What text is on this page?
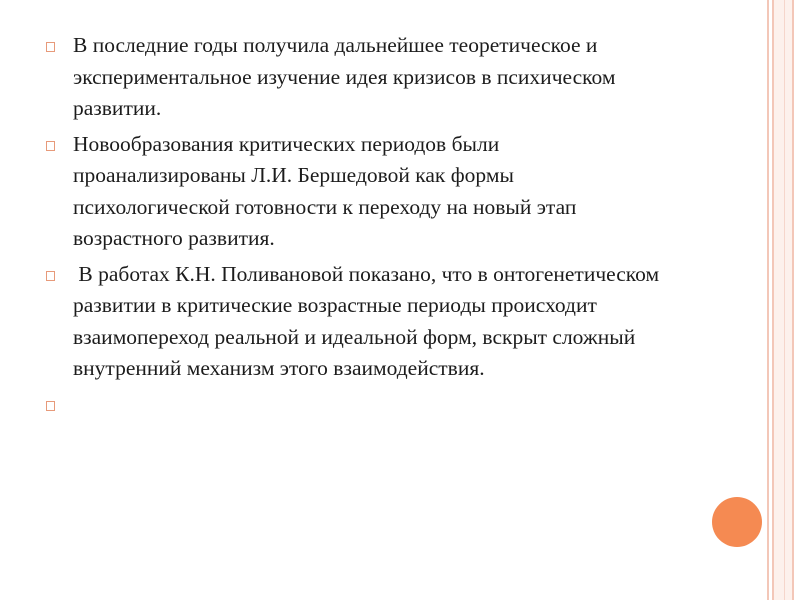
В последние годы получила дальнейшее теоретическое и экспериментальное изучение идея кризисов в психическом развитии.
Новообразования критических периодов были проанализированы Л.И. Бершедовой как формы психологической готовности к переходу на новый этап возрастного развития.
В работах К.Н. Поливановой показано, что в онтогенетическом развитии в критические возрастные периоды происходит взаимопереход реальной и идеальной форм, вскрыт сложный внутренний механизм этого взаимодействия.
